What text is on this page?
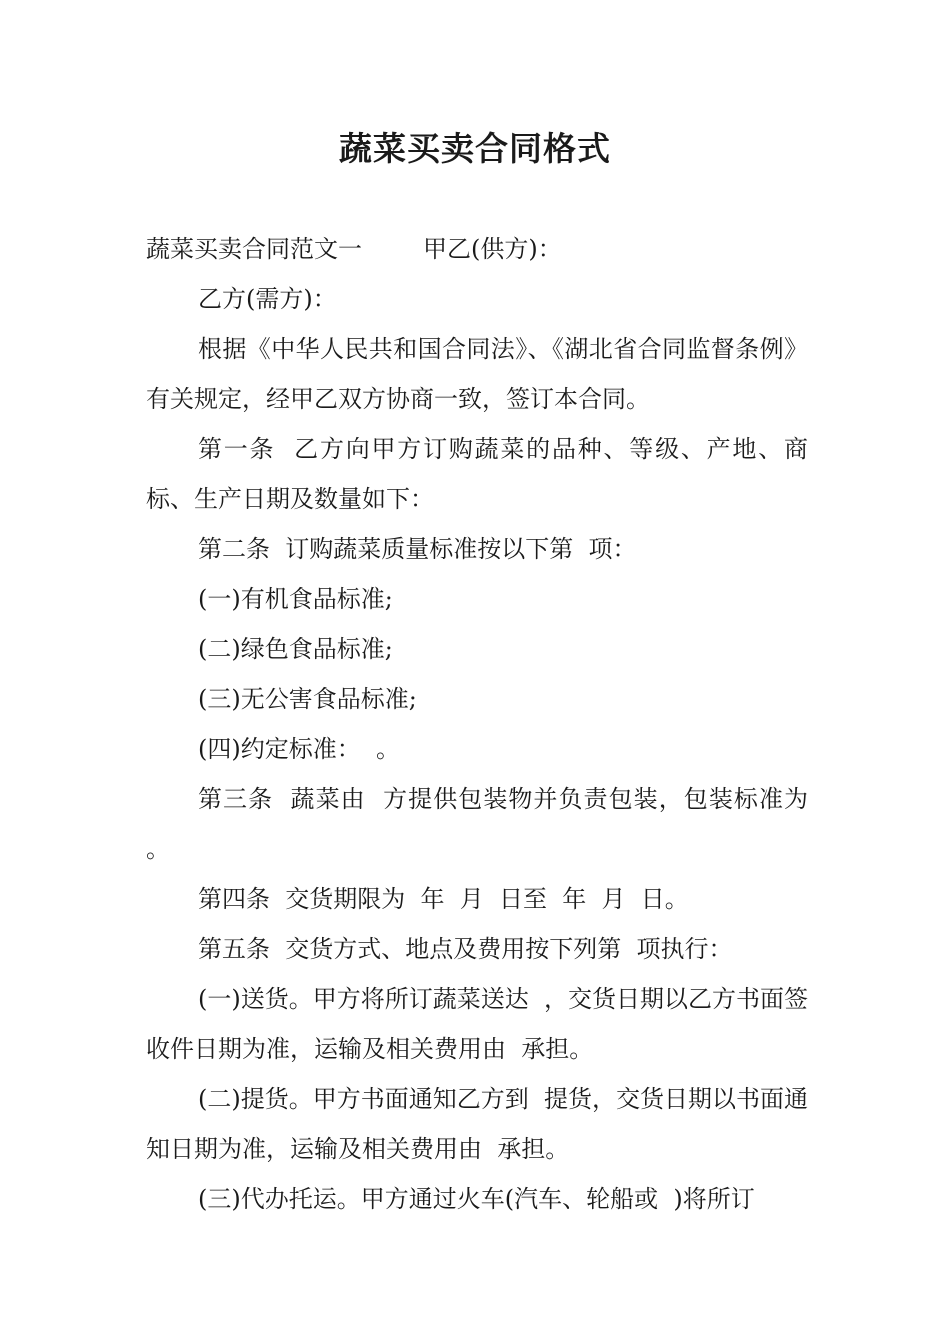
蔬菜买卖合同格式

蔬菜买卖合同范文一        甲乙(供方)：

乙方(需方)：

根据《中华人民共和国合同法》、《湖北省合同监督条例》有关规定，经甲乙双方协商一致，签订本合同。

第一条  乙方向甲方订购蔬菜的品种、等级、产地、商标、生产日期及数量如下：

第二条  订购蔬菜质量标准按以下第  项：

(一)有机食品标准;

(二)绿色食品标准;

(三)无公害食品标准;

(四)约定标准：  。

第三条  蔬菜由  方提供包装物并负责包装，包装标准为  。

第四条  交货期限为  年  月  日至  年  月  日。

第五条  交货方式、地点及费用按下列第  项执行：

(一)送货。甲方将所订蔬菜送达  ，交货日期以乙方书面签收件日期为准，运输及相关费用由  承担。

(二)提货。甲方书面通知乙方到  提货，交货日期以书面通知日期为准，运输及相关费用由  承担。

(三)代办托运。甲方通过火车(汽车、轮船或  )将所订
